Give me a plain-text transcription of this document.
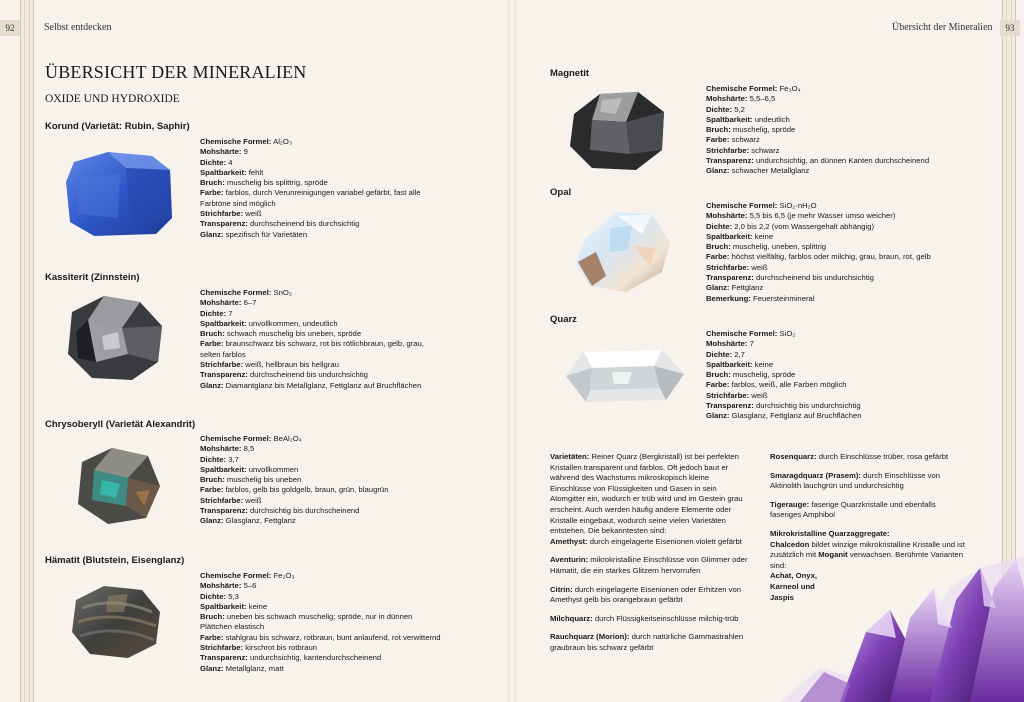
92	Selbst entdecken	93
Übersicht der Mineralien
ÜBERSICHT DER MINERALIEN
OXIDE UND HYDROXIDE
Korund (Varietät: Rubin, Saphir)
Chemische Formel: Al₂O₃
Mohshärte: 9
Dichte: 4
Spaltbarkeit: fehlt
Bruch: muschelig bis splittrig, spröde
Farbe: farblos, durch Verunreinigungen variabel gefärbt, fast alle Farbtöne sind möglich
Strichfarbe: weiß
Transparenz: durchscheinend bis durchsichtig
Glanz: spezifisch für Varietäten
Kassiterit (Zinnstein)
Chemische Formel: SnO₂
Mohshärte: 6–7
Dichte: 7
Spaltbarkeit: unvollkommen, undeutlich
Bruch: schwach muschelig bis uneben, spröde
Farbe: braunschwarz bis schwarz, rot bis rötlichbraun, gelb, grau, selten farblos
Strichfarbe: weiß, hellbraun bis hellgrau
Transparenz: durchscheinend bis undurchsichtig
Glanz: Diamantglanz bis Metallglanz, Fettglanz auf Bruchflächen
Chrysoberyll (Varietät Alexandrit)
Chemische Formel: BeAl₂O₄
Mohshärte: 8,5
Dichte: 3,7
Spaltbarkeit: unvollkommen
Bruch: muschelig bis uneben
Farbe: farblos, gelb bis goldgelb, braun, grün, blaugrün
Strichfarbe: weiß
Transparenz: durchsichtig bis durchscheinend
Glanz: Glasglanz, Fettglanz
Hämatit (Blutstein, Eisenglanz)
Chemische Formel: Fe₂O₃
Mohshärte: 5–6
Dichte: 5,3
Spaltbarkeit: keine
Bruch: uneben bis schwach muschelig; spröde, nur in dünnen Plättchen elastisch
Farbe: stahlgrau bis schwarz, rotbraun, bunt anlaufend, rot verwitternd
Strichfarbe: kirschrot bis rotbraun
Transparenz: undurchsichtig, kantendurchscheinend
Glanz: Metallglanz, matt
Magnetit
Chemische Formel: Fe₃O₄
Mohshärte: 5,5–6,5
Dichte: 5,2
Spaltbarkeit: undeutlich
Bruch: muschelig, spröde
Farbe: schwarz
Strichfarbe: schwarz
Transparenz: undurchsichtig, an dünnen Kanten durchscheinend
Glanz: schwacher Metallglanz
Opal
Chemische Formel: SiO₂·nH₂O
Mohshärte: 5,5 bis 6,5 (je mehr Wasser umso weicher)
Dichte: 2,0 bis 2,2 (vom Wassergehalt abhängig)
Spaltbarkeit: keine
Bruch: muschelig, uneben, splittrig
Farbe: höchst vielfältig, farblos oder milchig, grau, braun, rot, gelb
Strichfarbe: weiß
Transparenz: durchscheinend bis undurchsichtig
Glanz: Fettglanz
Bemerkung: Feuersteinmineral
Quarz
Chemische Formel: SiO₂
Mohshärte: 7
Dichte: 2,7
Spaltbarkeit: keine
Bruch: muschelig, spröde
Farbe: farblos, weiß, alle Farben möglich
Strichfarbe: weiß
Transparenz: durchsichtig bis undurchsichtig
Glanz: Glasglanz, Fettglanz auf Bruchflächen

Varietäten: Reiner Quarz (Bergkristall) ist bei perfekten Kristallen transparent und farblos. Oft jedoch baut er während des Wachstums mikroskopisch kleine Einschlüsse von Flüssigkeiten und Gasen in sein Atomgitter ein, wodurch er trüb wird und im Gestein grau erscheint. Auch werden häufig andere Elemente oder Kristalle eingebaut, wodurch seine vielen Varietäten entstehen. Die bekanntesten sind:
Amethyst: durch eingelagerte Eisenionen violett gefärbt

Aventurin: mikrokristalline Einschlüsse von Glimmer oder Hämatit, die ein starkes Glitzern hervorrufen

Citrin: durch eingelagerte Eisenionen oder Erhitzen von Amethyst gelb bis orangebraun gefärbt

Milchquarz: durch Flüssigkeitseinschlüsse milchig-trüb

Rauchquarz (Morion): durch natürliche Gammastrahlen graubraun bis schwarz gefärbt

Rosenquarz: durch Einschlüsse trüber, rosa gefärbt

Smaragdquarz (Prasem): durch Einschlüsse von Aktinolith lauchgrün und undurchsichtig

Tigerauge: faserige Quarzkristalle und ebenfalls faseriges Amphibol

Mikrokristalline Quarzaggregate:
Chalcedon bildet winzige mikrokristalline Kristalle und ist zusätzlich mit Moganit verwachsen. Berühmte Varianten sind:
Achat, Onyx,
Karneol und
Jaspis
